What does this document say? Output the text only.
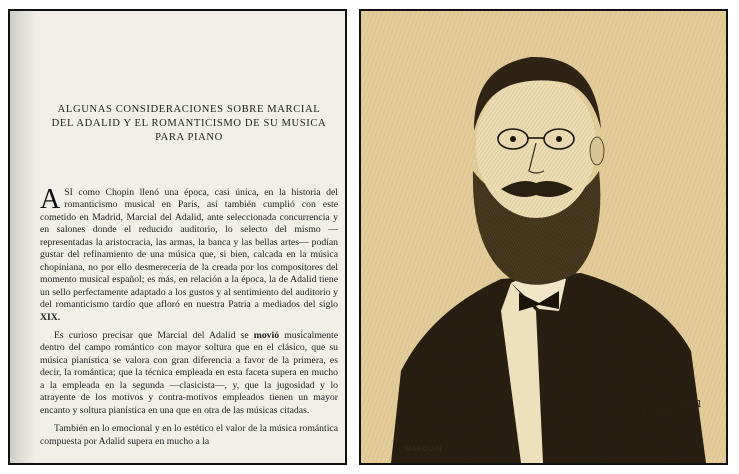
ALGUNAS CONSIDERACIONES SOBRE MARCIAL DEL ADALID Y EL ROMANTICISMO DE SU MUSICA PARA PIANO

A SI como Chopin llenó una época, casi única, en la historia del romanticismo musical en París, así también cumplió con este cometido en Madrid, Marcial del Adalid, ante seleccionada concurrencia y en salones donde el reducido auditorio, lo selecto del mismo —representadas la aristocracia, las armas, la banca y las bellas artes— podían gustar del refinamiento de una música que, si bien, calcada en la música chopiniana, no por ello desmerecería de la creada por los compositores del momento musical español; es más, en relación a la época, la de Adalid tiene un sello perfectamente adaptado a los gustos y al sentimiento del auditorio y del romanticismo tardío que afloró en nuestra Patria a mediados del siglo XIX.

Es curioso precisar que Marcial del Adalid se movió musicalmente dentro del campo romántico con mayor soltura que en el clásico, que su música pianística se valora con gran diferencia a favor de la primera, es decir, la romántica; que la técnica empleada en esta faceta supera en mucho a la empleada en la segunda —clasicista—, y, que la jugosidad y lo atrayente de los motivos y contra-motivos empleados tienen un mayor encanto y soltura pianística en una que en otra de las músicas citadas.

También en lo emocional y en lo estético el valor de la música romántica compuesta por Adalid supera en mucho a la

J. Lucena
MARQUIN
